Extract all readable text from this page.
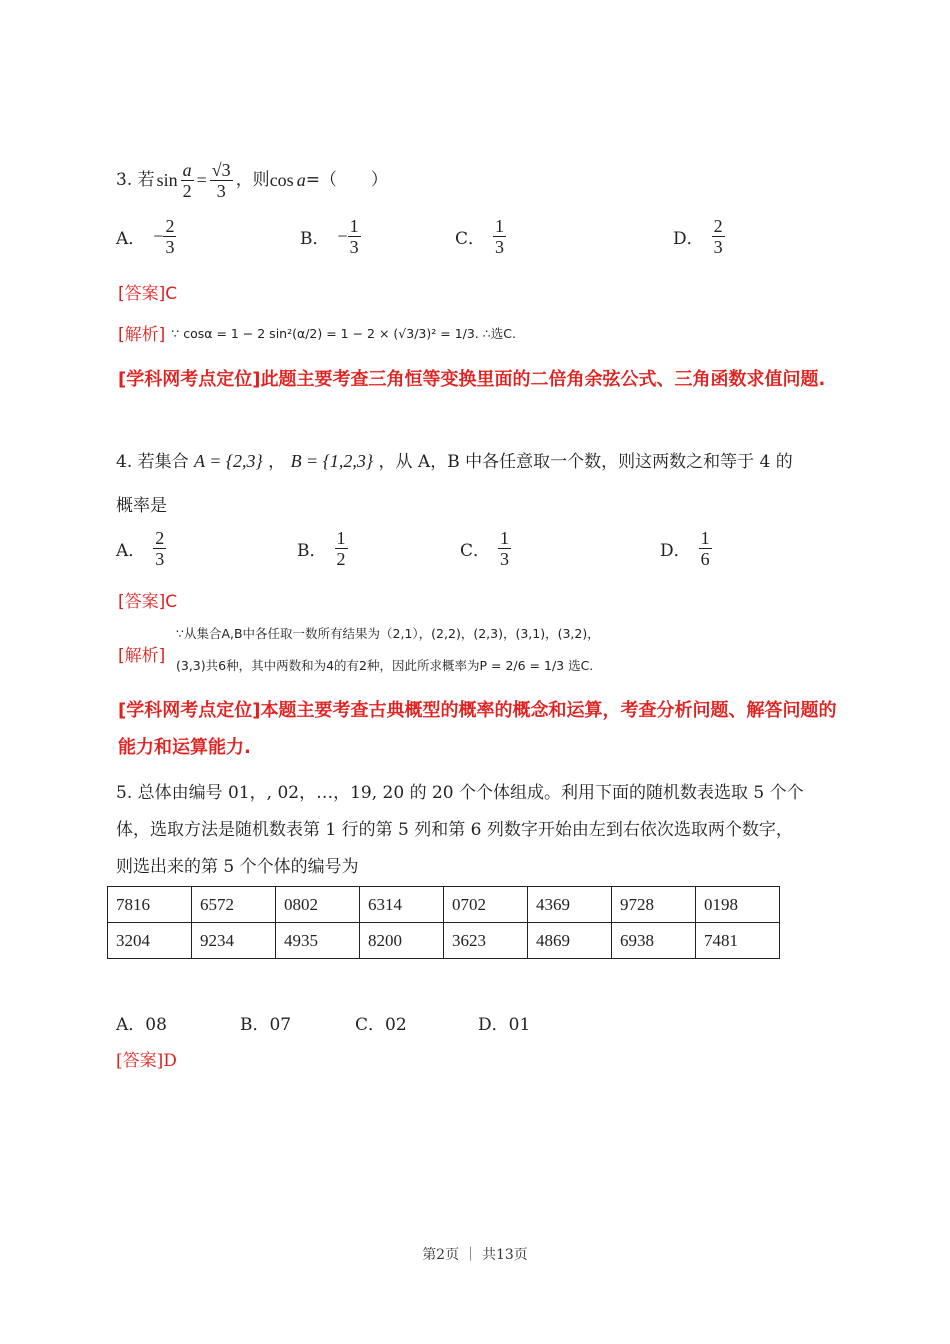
3. 若 $\sin \frac{a}{2} = \frac{√3}{3}$ ，则 cos a =（　　）
A． − $\frac{2}{3}$	B． − $\frac{1}{3}$	C． $\frac{1}{3}$	D． $\frac{2}{3}$
[答案]C
[解析] ∵ cosα = 1 − 2 sin²(α/2) = 1 − 2 × (√3/3)² = 1/3. ∴选C.
[学科网考点定位]此题主要考查三角恒等变换里面的二倍角余弦公式、三角函数求值问题.
4. 若集合 A = {2,3} ， B = {1,2,3} ，从 A，B 中各任意取一个数，则这两数之和等于 4 的
概率是
A． $\frac{2}{3}$	B． $\frac{1}{2}$	C． $\frac{1}{3}$	D． $\frac{1}{6}$
[答案]C
[解析]
∵从集合A,B中各任取一数所有结果为（2,1），(2,2)，(2,3)，(3,1)，(3,2)，
(3,3)共6种，其中两数和为4的有2种，因此所求概率为P = 2/6 = 1/3 选C.
[学科网考点定位]本题主要考查古典概型的概率的概念和运算，考查分析问题、解答问题的能力和运算能力.
5. 总体由编号 01，, 02，…，19, 20 的 20 个个体组成。利用下面的随机数表选取 5 个个
体，选取方法是随机数表第 1 行的第 5 列和第 6 列数字开始由左到右依次选取两个数字，
则选出来的第 5 个个体的编号为
7816	6572	0802	6314	0702	4369	9728	0198
3204	9234	4935	8200	3623	4869	6938	7481
A．08	B．07	C．02	D．01
[答案]D
第2页 ｜ 共13页
